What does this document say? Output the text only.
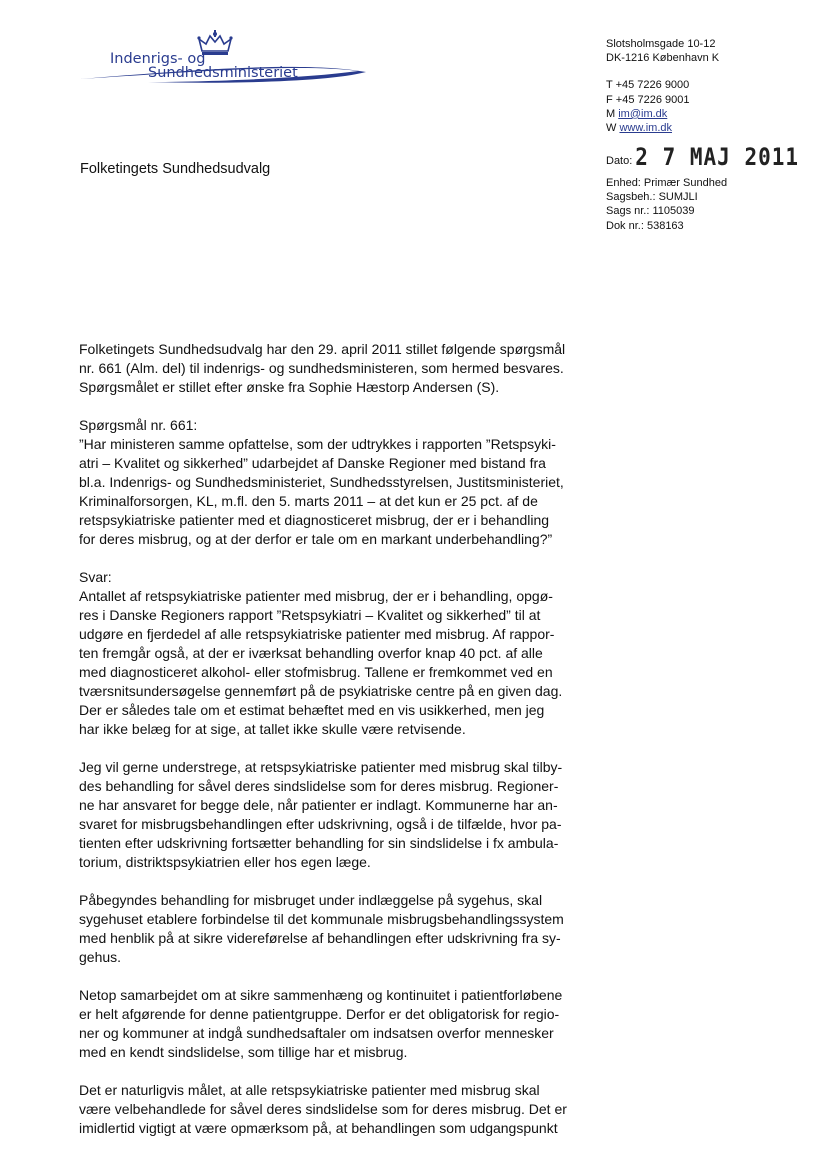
Indenrigs- og
Sundhedsministeriet
Slotsholmsgade 10-12
DK-1216 København K
T +45 7226 9000
F +45 7226 9001
M im@im.dk
W www.im.dk
Folketingets Sundhedsudvalg	Dato: 2 7 MAJ 2011
Enhed: Primær Sundhed
Sagsbeh.: SUMJLI
Sags nr.: 1105039
Dok nr.: 538163

Folketingets Sundhedsudvalg har den 29. april 2011 stillet følgende spørgsmål
nr. 661 (Alm. del) til indenrigs- og sundhedsministeren, som hermed besvares.
Spørgsmålet er stillet efter ønske fra Sophie Hæstorp Andersen (S).

Spørgsmål nr. 661:
”Har ministeren samme opfattelse, som der udtrykkes i rapporten ”Retspsyki-
atri – Kvalitet og sikkerhed” udarbejdet af Danske Regioner med bistand fra
bl.a. Indenrigs- og Sundhedsministeriet, Sundhedsstyrelsen, Justitsministeriet,
Kriminalforsorgen, KL, m.fl. den 5. marts 2011 – at det kun er 25 pct. af de
retspsykiatriske patienter med et diagnosticeret misbrug, der er i behandling
for deres misbrug, og at der derfor er tale om en markant underbehandling?”

Svar:
Antallet af retspsykiatriske patienter med misbrug, der er i behandling, opgø-
res i Danske Regioners rapport ”Retspsykiatri – Kvalitet og sikkerhed” til at
udgøre en fjerdedel af alle retspsykiatriske patienter med misbrug. Af rappor-
ten fremgår også, at der er iværksat behandling overfor knap 40 pct. af alle
med diagnosticeret alkohol- eller stofmisbrug. Tallene er fremkommet ved en
tværsnitsundersøgelse gennemført på de psykiatriske centre på en given dag.
Der er således tale om et estimat behæftet med en vis usikkerhed, men jeg
har ikke belæg for at sige, at tallet ikke skulle være retvisende.

Jeg vil gerne understrege, at retspsykiatriske patienter med misbrug skal tilby-
des behandling for såvel deres sindslidelse som for deres misbrug. Regioner-
ne har ansvaret for begge dele, når patienter er indlagt. Kommunerne har an-
svaret for misbrugsbehandlingen efter udskrivning, også i de tilfælde, hvor pa-
tienten efter udskrivning fortsætter behandling for sin sindslidelse i fx ambula-
torium, distriktspsykiatrien eller hos egen læge.

Påbegyndes behandling for misbruget under indlæggelse på sygehus, skal
sygehuset etablere forbindelse til det kommunale misbrugsbehandlingssystem
med henblik på at sikre videreførelse af behandlingen efter udskrivning fra sy-
gehus.

Netop samarbejdet om at sikre sammenhæng og kontinuitet i patientforløbene
er helt afgørende for denne patientgruppe. Derfor er det obligatorisk for regio-
ner og kommuner at indgå sundhedsaftaler om indsatsen overfor mennesker
med en kendt sindslidelse, som tillige har et misbrug.

Det er naturligvis målet, at alle retspsykiatriske patienter med misbrug skal
være velbehandlede for såvel deres sindslidelse som for deres misbrug. Det er
imidlertid vigtigt at være opmærksom på, at behandlingen som udgangspunkt
